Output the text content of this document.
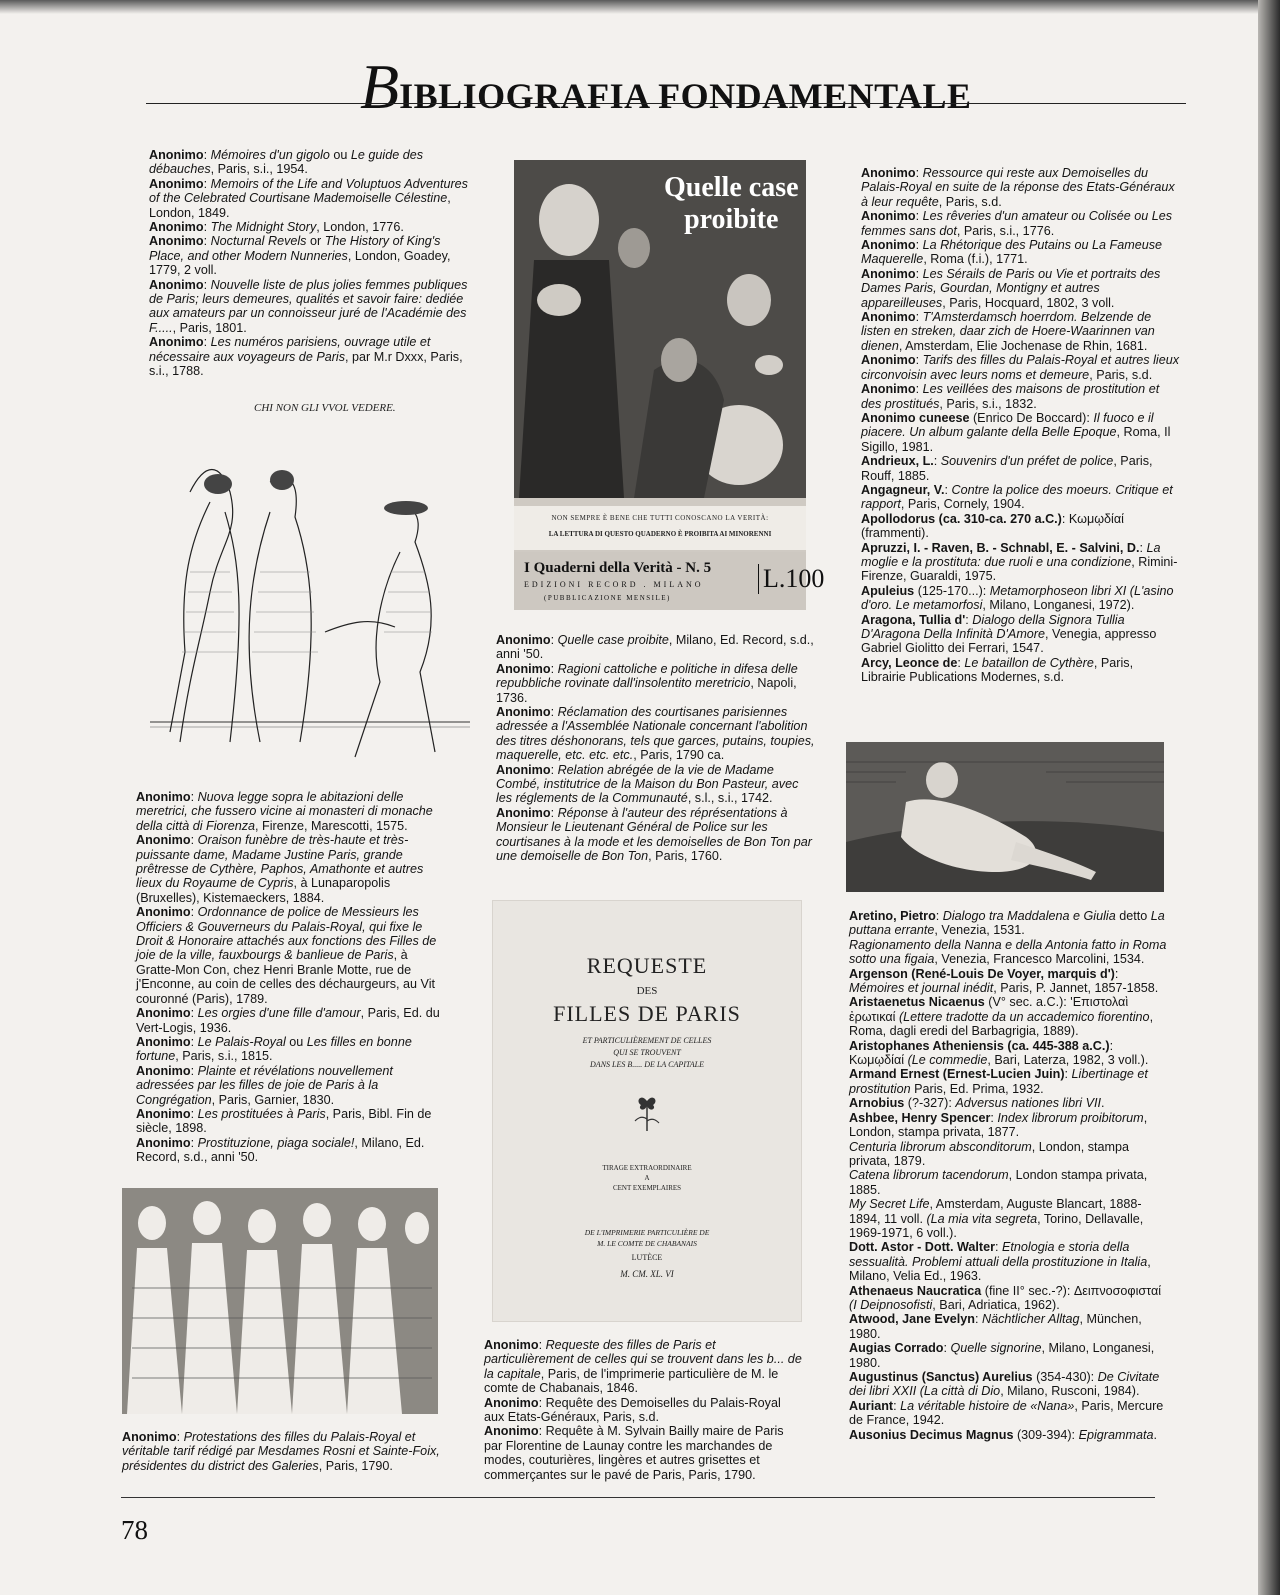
BIBLIOGRAFIA FONDAMENTALE

Anonimo: Mémoires d'un gigolo ou Le guide des débauches, Paris, s.i., 1954.

Anonimo: Memoirs of the Life and Voluptuos Adventures of the Celebrated Courtisane Mademoiselle Célestine, London, 1849.

Anonimo: The Midnight Story, London, 1776.

Anonimo: Nocturnal Revels or The History of King's Place, and other Modern Nunneries, London, Goadey, 1779, 2 voll.

Anonimo: Nouvelle liste de plus jolies femmes publiques de Paris; leurs demeures, qualités et savoir faire: dediée aux amateurs par un connoisseur juré de l'Académie des F....., Paris, 1801.

Anonimo: Les numéros parisiens, ouvrage utile et nécessaire aux voyageurs de Paris, par M.r Dxxx, Paris, s.i., 1788.

CHI NON GLI VVOL VEDERE.

Anonimo: Nuova legge sopra le abitazioni delle meretrici, che fussero vicine ai monasteri di monache della città di Fiorenza, Firenze, Marescotti, 1575.

Anonimo: Oraison funèbre de très-haute et très-puissante dame, Madame Justine Paris, grande prêtresse de Cythère, Paphos, Amathonte et autres lieux du Royaume de Cypris, à Lunaparopolis (Bruxelles), Kistemaeckers, 1884.

Anonimo: Ordonnance de police de Messieurs les Officiers & Gouverneurs du Palais-Royal, qui fixe le Droit & Honoraire attachés aux fonctions des Filles de joie de la ville, fauxbourgs & banlieue de Paris, à Gratte-Mon Con, chez Henri Branle Motte, rue de j'Enconne, au coin de celles des déchaurgeurs, au Vit couronné (Paris), 1789.

Anonimo: Les orgies d'une fille d'amour, Paris, Ed. du Vert-Logis, 1936.

Anonimo: Le Palais-Royal ou Les filles en bonne fortune, Paris, s.i., 1815.

Anonimo: Plainte et révélations nouvellement adressées par les filles de joie de Paris à la Congrégation, Paris, Garnier, 1830.

Anonimo: Les prostituées à Paris, Paris, Bibl. Fin de siècle, 1898.

Anonimo: Prostituzione, piaga sociale!, Milano, Ed. Record, s.d., anni '50.

Anonimo: Protestations des filles du Palais-Royal et véritable tarif rédigé par Mesdames Rosni et Sainte-Foix, présidentes du district des Galeries, Paris, 1790.

Quelle case
proibite
NON SEMPRE È BENE CHE TUTTI CONOSCANO LA VERITÀ:
LA LETTURA DI QUESTO QUADERNO È PROIBITA AI MINORENNI
I Quaderni della Verità - N. 5
EDIZIONI RECORD . MILANO
(PUBBLICAZIONE MENSILE)
L.100

Anonimo: Quelle case proibite, Milano, Ed. Record, s.d., anni '50.

Anonimo: Ragioni cattoliche e politiche in difesa delle repubbliche rovinate dall'insolentito meretricio, Napoli, 1736.

Anonimo: Réclamation des courtisanes parisiennes adressée a l'Assemblée Nationale concernant l'abolition des titres déshonorans, tels que garces, putains, toupies, maquerelle, etc. etc. etc., Paris, 1790 ca.

Anonimo: Relation abrégée de la vie de Madame Combé, institutrice de la Maison du Bon Pasteur, avec les réglements de la Communauté, s.l., s.i., 1742.

Anonimo: Réponse à l'auteur des réprésentations à Monsieur le Lieutenant Général de Police sur les courtisanes à la mode et les demoiselles de Bon Ton par une demoiselle de Bon Ton, Paris, 1760.

REQUESTE
DES
FILLES DE PARIS
ET PARTICULIÈREMENT DE CELLES
QUI SE TROUVENT
DANS LES B..... DE LA CAPITALE
TIRAGE EXTRAORDINAIRE
A
CENT EXEMPLAIRES
DE L'IMPRIMERIE PARTICULIÈRE DE
M. LE COMTE DE CHABANAIS
LUTÈCE
M. CM. XL. VI

Anonimo: Requeste des filles de Paris et particulièrement de celles qui se trouvent dans les b... de la capitale, Paris, de l'imprimerie particulière de M. le comte de Chabanais, 1846.

Anonimo: Requête des Demoiselles du Palais-Royal aux Etats-Généraux, Paris, s.d.

Anonimo: Requête à M. Sylvain Bailly maire de Paris par Florentine de Launay contre les marchandes de modes, couturières, lingères et autres grisettes et commerçantes sur le pavé de Paris, Paris, 1790.

Anonimo: Ressource qui reste aux Demoiselles du Palais-Royal en suite de la réponse des Etats-Généraux à leur requête, Paris, s.d.

Anonimo: Les rêveries d'un amateur ou Colisée ou Les femmes sans dot, Paris, s.i., 1776.

Anonimo: La Rhétorique des Putains ou La Fameuse Maquerelle, Roma (f.i.), 1771.

Anonimo: Les Sérails de Paris ou Vie et portraits des Dames Paris, Gourdan, Montigny et autres appareilleuses, Paris, Hocquard, 1802, 3 voll.

Anonimo: T'Amsterdamsch hoerrdom. Belzende de listen en streken, daar zich de Hoere-Waarinnen van dienen, Amsterdam, Elie Jochenase de Rhin, 1681.

Anonimo: Tarifs des filles du Palais-Royal et autres lieux circonvoisin avec leurs noms et demeure, Paris, s.d.

Anonimo: Les veillées des maisons de prostitution et des prostitués, Paris, s.i., 1832.

Anonimo cuneese (Enrico De Boccard): Il fuoco e il piacere. Un album galante della Belle Epoque, Roma, Il Sigillo, 1981.

Andrieux, L.: Souvenirs d'un préfet de police, Paris, Rouff, 1885.

Angagneur, V.: Contre la police des moeurs. Critique et rapport, Paris, Cornely, 1904.

Apollodorus (ca. 310-ca. 270 a.C.): Κωμῳδίαί (frammenti).

Apruzzi, I. - Raven, B. - Schnabl, E. - Salvini, D.: La moglie e la prostituta: due ruoli e una condizione, Rimini-Firenze, Guaraldi, 1975.

Apuleius (125-170...): Metamorphoseon libri XI (L'asino d'oro. Le metamorfosi, Milano, Longanesi, 1972).

Aragona, Tullia d': Dialogo della Signora Tullia D'Aragona Della Infinità D'Amore, Venegia, appresso Gabriel Giolitto dei Ferrari, 1547.

Arcy, Leonce de: Le bataillon de Cythère, Paris, Librairie Publications Modernes, s.d.

Aretino, Pietro: Dialogo tra Maddalena e Giulia detto La puttana errante, Venezia, 1531.

Ragionamento della Nanna e della Antonia fatto in Roma sotto una figaia, Venezia, Francesco Marcolini, 1534.

Argenson (René-Louis De Voyer, marquis d'): Mémoires et journal inédit, Paris, P. Jannet, 1857-1858.

Aristaenetus Nicaenus (V° sec. a.C.): 'Επιστολαὶ ἐρωτικαί (Lettere tradotte da un accademico fiorentino, Roma, dagli eredi del Barbagrigia, 1889).

Aristophanes Atheniensis (ca. 445-388 a.C.): Κωμῳδίαί (Le commedie, Bari, Laterza, 1982, 3 voll.).

Armand Ernest (Ernest-Lucien Juin): Libertinage et prostitution Paris, Ed. Prima, 1932.

Arnobius (?-327): Adversus nationes libri VII.

Ashbee, Henry Spencer: Index librorum proibitorum, London, stampa privata, 1877.

Centuria librorum absconditorum, London, stampa privata, 1879.

Catena librorum tacendorum, London stampa privata, 1885.

My Secret Life, Amsterdam, Auguste Blancart, 1888-1894, 11 voll. (La mia vita segreta, Torino, Dellavalle, 1969-1971, 6 voll.).

Dott. Astor - Dott. Walter: Etnologia e storia della sessualità. Problemi attuali della prostituzione in Italia, Milano, Velia Ed., 1963.

Athenaeus Naucratica (fine II° sec.-?): Δειπνοσοφισταί (I Deipnosofisti, Bari, Adriatica, 1962).

Atwood, Jane Evelyn: Nächtlicher Alltag, München, 1980.

Augias Corrado: Quelle signorine, Milano, Longanesi, 1980.

Augustinus (Sanctus) Aurelius (354-430): De Civitate dei libri XXII (La città di Dio, Milano, Rusconi, 1984).

Auriant: La véritable histoire de «Nana», Paris, Mercure de France, 1942.

Ausonius Decimus Magnus (309-394): Epigrammata.

78
